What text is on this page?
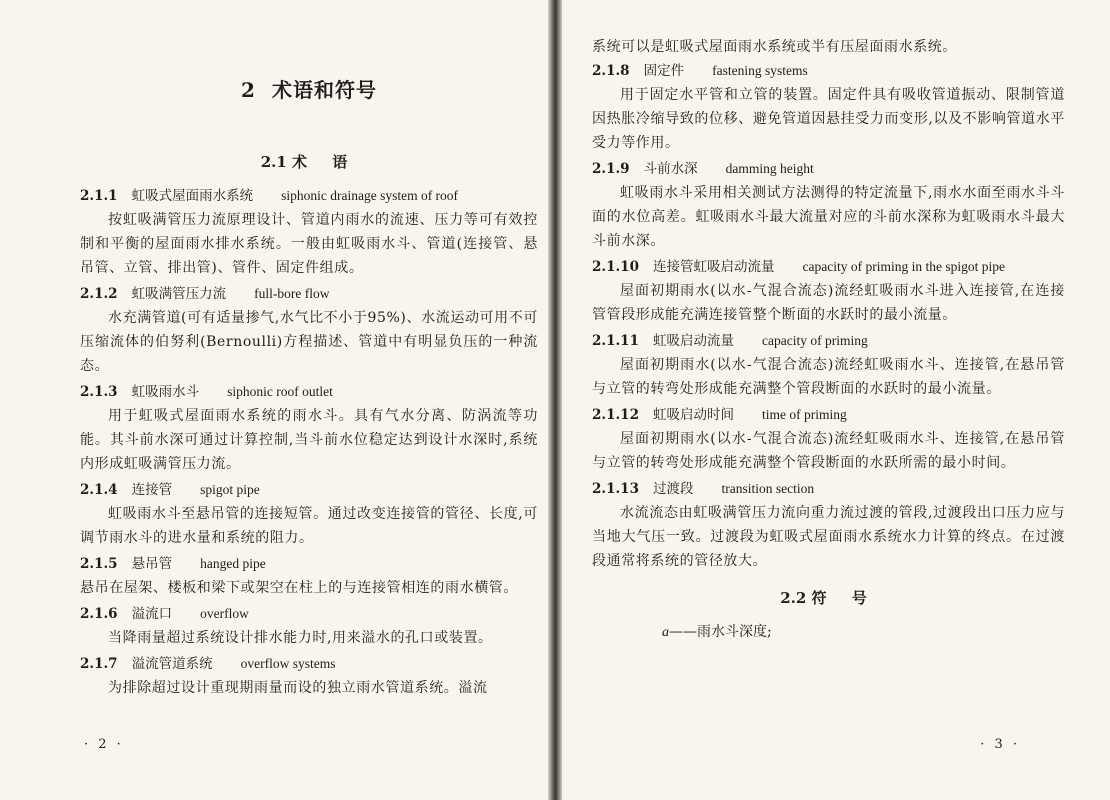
2 术语和符号
2.1 术 语

2.1.1 虹吸式屋面雨水系统 siphonic drainage system of roof

按虹吸满管压力流原理设计、管道内雨水的流速、压力等可有效控制和平衡的屋面雨水排水系统。一般由虹吸雨水斗、管道(连接管、悬吊管、立管、排出管)、管件、固定件组成。

2.1.2 虹吸满管压力流 full-bore flow

水充满管道(可有适量掺气,水气比不小于95%)、水流运动可用不可压缩流体的伯努利(Bernoulli)方程描述、管道中有明显负压的一种流态。

2.1.3 虹吸雨水斗 siphonic roof outlet

用于虹吸式屋面雨水系统的雨水斗。具有气水分离、防涡流等功能。其斗前水深可通过计算控制,当斗前水位稳定达到设计水深时,系统内形成虹吸满管压力流。

2.1.4 连接管 spigot pipe

虹吸雨水斗至悬吊管的连接短管。通过改变连接管的管径、长度,可调节雨水斗的进水量和系统的阻力。

2.1.5 悬吊管 hanged pipe

悬吊在屋架、楼板和梁下或架空在柱上的与连接管相连的雨水横管。

2.1.6 溢流口 overflow

当降雨量超过系统设计排水能力时,用来溢水的孔口或装置。

2.1.7 溢流管道系统 overflow systems

为排除超过设计重现期雨量而设的独立雨水管道系统。溢流

· 2 ·

系统可以是虹吸式屋面雨水系统或半有压屋面雨水系统。

2.1.8 固定件 fastening systems

用于固定水平管和立管的装置。固定件具有吸收管道振动、限制管道因热胀冷缩导致的位移、避免管道因悬挂受力而变形,以及不影响管道水平受力等作用。

2.1.9 斗前水深 damming height

虹吸雨水斗采用相关测试方法测得的特定流量下,雨水水面至雨水斗斗面的水位高差。虹吸雨水斗最大流量对应的斗前水深称为虹吸雨水斗最大斗前水深。

2.1.10 连接管虹吸启动流量 capacity of priming in the spigot pipe

屋面初期雨水(以水-气混合流态)流经虹吸雨水斗进入连接管,在连接管管段形成能充满连接管整个断面的水跃时的最小流量。

2.1.11 虹吸启动流量 capacity of priming

屋面初期雨水(以水-气混合流态)流经虹吸雨水斗、连接管,在悬吊管与立管的转弯处形成能充满整个管段断面的水跃时的最小流量。

2.1.12 虹吸启动时间 time of priming

屋面初期雨水(以水-气混合流态)流经虹吸雨水斗、连接管,在悬吊管与立管的转弯处形成能充满整个管段断面的水跃所需的最小时间。

2.1.13 过渡段 transition section

水流流态由虹吸满管压力流向重力流过渡的管段,过渡段出口压力应与当地大气压一致。过渡段为虹吸式屋面雨水系统水力计算的终点。在过渡段通常将系统的管径放大。

2.2 符 号

a——雨水斗深度;

· 3 ·
